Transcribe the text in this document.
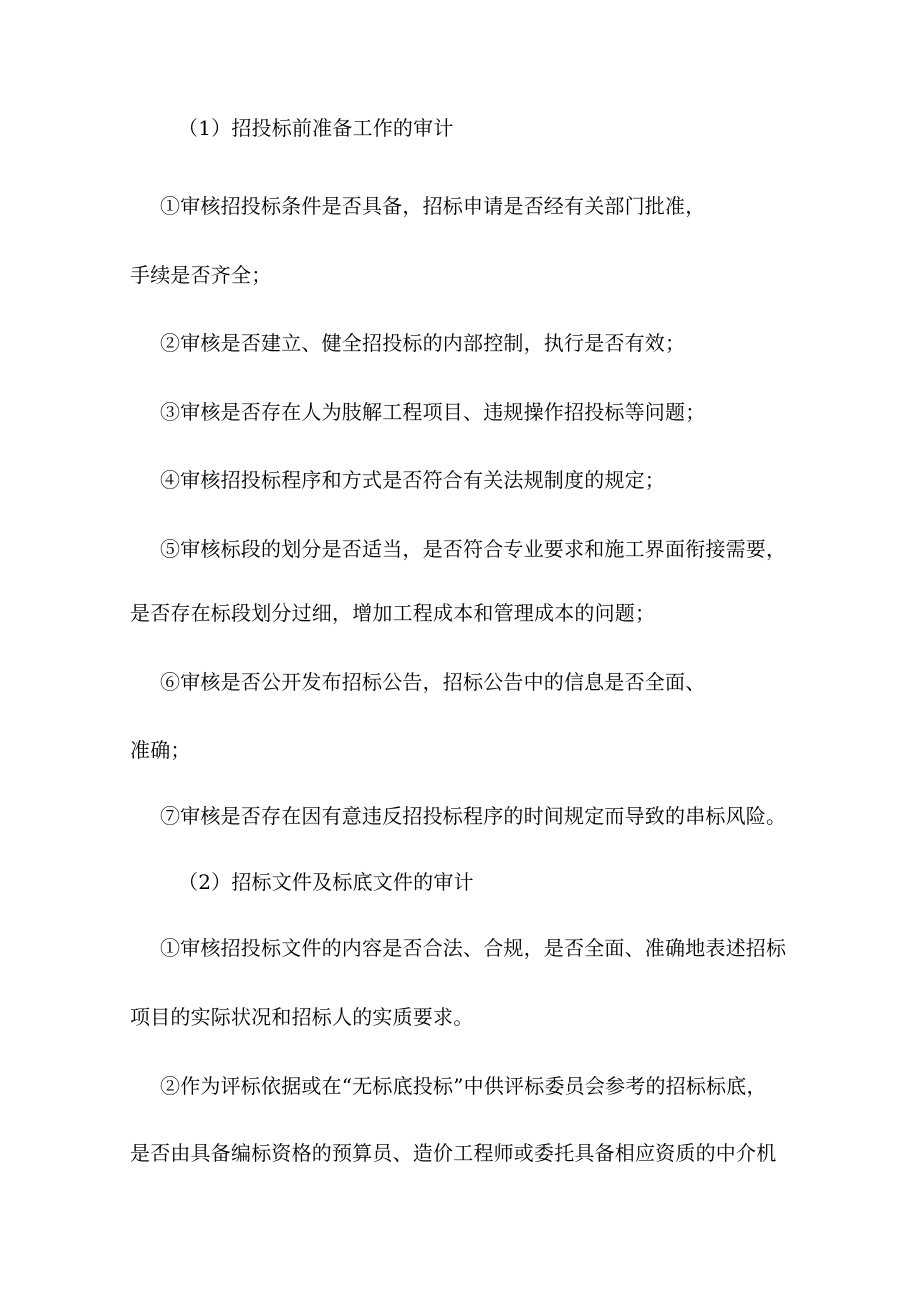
（1）招投标前准备工作的审计
①审核招投标条件是否具备，招标申请是否经有关部门批准，
手续是否齐全；
②审核是否建立、健全招投标的内部控制，执行是否有效；
③审核是否存在人为肢解工程项目、违规操作招投标等问题；
④审核招投标程序和方式是否符合有关法规制度的规定；
⑤审核标段的划分是否适当，是否符合专业要求和施工界面衔接需要，
是否存在标段划分过细，增加工程成本和管理成本的问题；
⑥审核是否公开发布招标公告，招标公告中的信息是否全面、
准确；
⑦审核是否存在因有意违反招投标程序的时间规定而导致的串标风险。
（2）招标文件及标底文件的审计
①审核招投标文件的内容是否合法、合规，是否全面、准确地表述招标
项目的实际状况和招标人的实质要求。
②作为评标依据或在“无标底投标”中供评标委员会参考的招标标底，
是否由具备编标资格的预算员、造价工程师或委托具备相应资质的中介机
